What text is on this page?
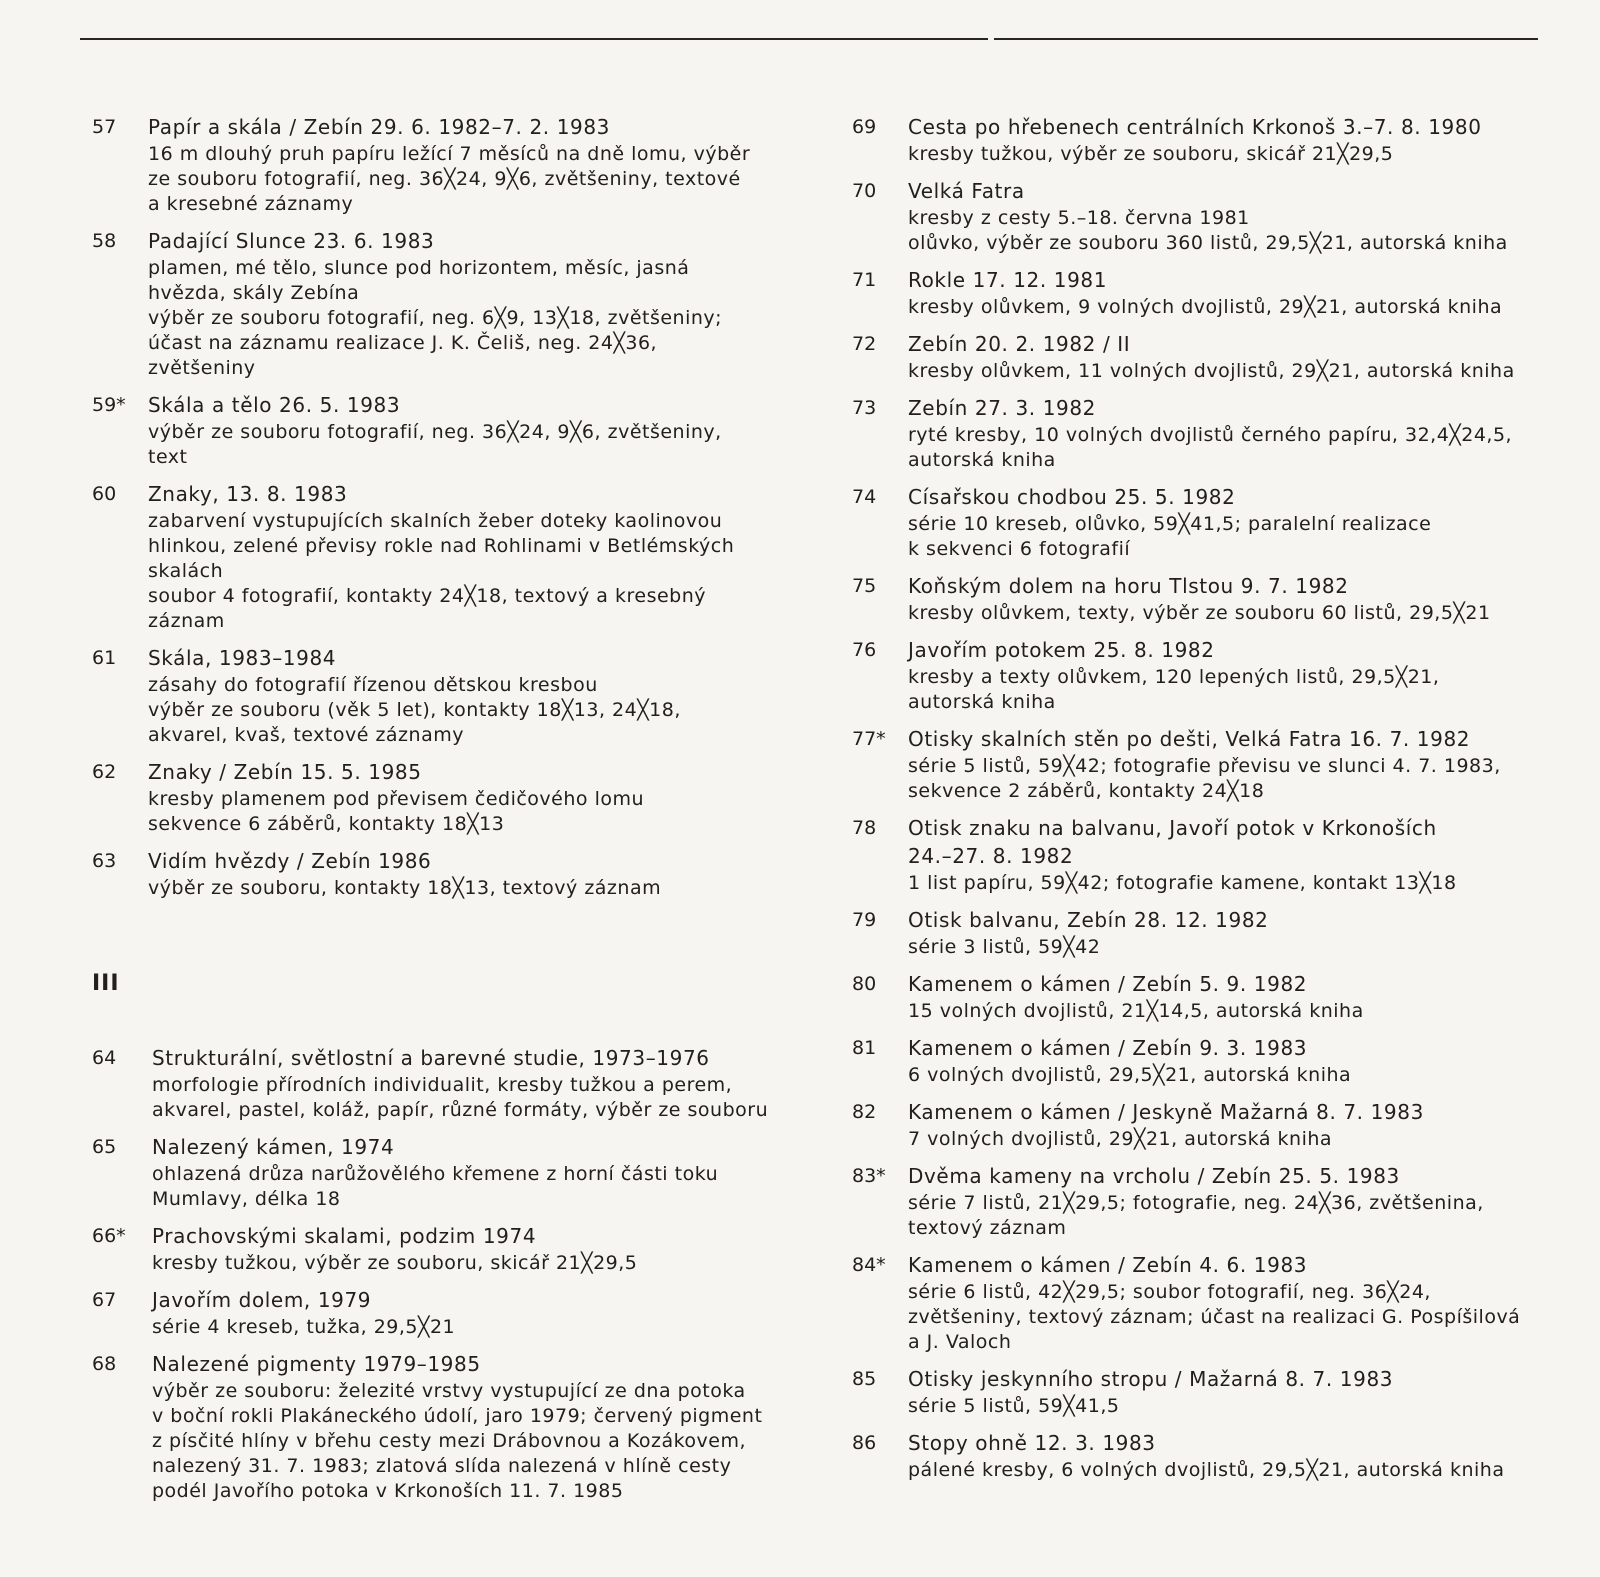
57	Papír a skála / Zebín 29. 6. 1982–7. 2. 1983
16 m dlouhý pruh papíru ležící 7 měsíců na dně lomu, výběr
ze souboru fotografií, neg. 36╳24, 9╳6, zvětšeniny, textové
a kresebné záznamy
58	Padající Slunce 23. 6. 1983
plamen, mé tělo, slunce pod horizontem, měsíc, jasná
hvězda, skály Zebína
výběr ze souboru fotografií, neg. 6╳9, 13╳18, zvětšeniny;
účast na záznamu realizace J. K. Čeliš, neg. 24╳36,
zvětšeniny
59*	Skála a tělo 26. 5. 1983
výběr ze souboru fotografií, neg. 36╳24, 9╳6, zvětšeniny,
text
60	Znaky, 13. 8. 1983
zabarvení vystupujících skalních žeber doteky kaolinovou
hlinkou, zelené převisy rokle nad Rohlinami v Betlémských
skalách
soubor 4 fotografií, kontakty 24╳18, textový a kresebný
záznam
61	Skála, 1983–1984
zásahy do fotografií řízenou dětskou kresbou
výběr ze souboru (věk 5 let), kontakty 18╳13, 24╳18,
akvarel, kvaš, textové záznamy
62	Znaky / Zebín 15. 5. 1985
kresby plamenem pod převisem čedičového lomu
sekvence 6 záběrů, kontakty 18╳13
63	Vidím hvězdy / Zebín 1986
výběr ze souboru, kontakty 18╳13, textový záznam
III
64	Strukturální, světlostní a barevné studie, 1973–1976
morfologie přírodních individualit, kresby tužkou a perem,
akvarel, pastel, koláž, papír, různé formáty, výběr ze souboru
65	Nalezený kámen, 1974
ohlazená drůza narůžovělého křemene z horní části toku
Mumlavy, délka 18
66*	Prachovskými skalami, podzim 1974
kresby tužkou, výběr ze souboru, skicář 21╳29,5
67	Javořím dolem, 1979
série 4 kreseb, tužka, 29,5╳21
68	Nalezené pigmenty 1979–1985
výběr ze souboru: železité vrstvy vystupující ze dna potoka
v boční rokli Plakáneckého údolí, jaro 1979; červený pigment
z písčité hlíny v břehu cesty mezi Drábovnou a Kozákovem,
nalezený 31. 7. 1983; zlatová slída nalezená v hlíně cesty
podél Javořího potoka v Krkonoších 11. 7. 1985
69	Cesta po hřebenech centrálních Krkonoš 3.–7. 8. 1980
kresby tužkou, výběr ze souboru, skicář 21╳29,5
70	Velká Fatra
kresby z cesty 5.–18. června 1981
olůvko, výběr ze souboru 360 listů, 29,5╳21, autorská kniha
71	Rokle 17. 12. 1981
kresby olůvkem, 9 volných dvojlistů, 29╳21, autorská kniha
72	Zebín 20. 2. 1982 / II
kresby olůvkem, 11 volných dvojlistů, 29╳21, autorská kniha
73	Zebín 27. 3. 1982
ryté kresby, 10 volných dvojlistů černého papíru, 32,4╳24,5,
autorská kniha
74	Císařskou chodbou 25. 5. 1982
série 10 kreseb, olůvko, 59╳41,5; paralelní realizace
k sekvenci 6 fotografií
75	Koňským dolem na horu Tlstou 9. 7. 1982
kresby olůvkem, texty, výběr ze souboru 60 listů, 29,5╳21
76	Javořím potokem 25. 8. 1982
kresby a texty olůvkem, 120 lepených listů, 29,5╳21,
autorská kniha
77*	Otisky skalních stěn po dešti, Velká Fatra 16. 7. 1982
série 5 listů, 59╳42; fotografie převisu ve slunci 4. 7. 1983,
sekvence 2 záběrů, kontakty 24╳18
78	Otisk znaku na balvanu, Javoří potok v Krkonoších
24.–27. 8. 1982
1 list papíru, 59╳42; fotografie kamene, kontakt 13╳18
79	Otisk balvanu, Zebín 28. 12. 1982
série 3 listů, 59╳42
80	Kamenem o kámen / Zebín 5. 9. 1982
15 volných dvojlistů, 21╳14,5, autorská kniha
81	Kamenem o kámen / Zebín 9. 3. 1983
6 volných dvojlistů, 29,5╳21, autorská kniha
82	Kamenem o kámen / Jeskyně Mažarná 8. 7. 1983
7 volných dvojlistů, 29╳21, autorská kniha
83*	Dvěma kameny na vrcholu / Zebín 25. 5. 1983
série 7 listů, 21╳29,5; fotografie, neg. 24╳36, zvětšenina,
textový záznam
84*	Kamenem o kámen / Zebín 4. 6. 1983
série 6 listů, 42╳29,5; soubor fotografií, neg. 36╳24,
zvětšeniny, textový záznam; účast na realizaci G. Pospíšilová
a J. Valoch
85	Otisky jeskynního stropu / Mažarná 8. 7. 1983
série 5 listů, 59╳41,5
86	Stopy ohně 12. 3. 1983
pálené kresby, 6 volných dvojlistů, 29,5╳21, autorská kniha
